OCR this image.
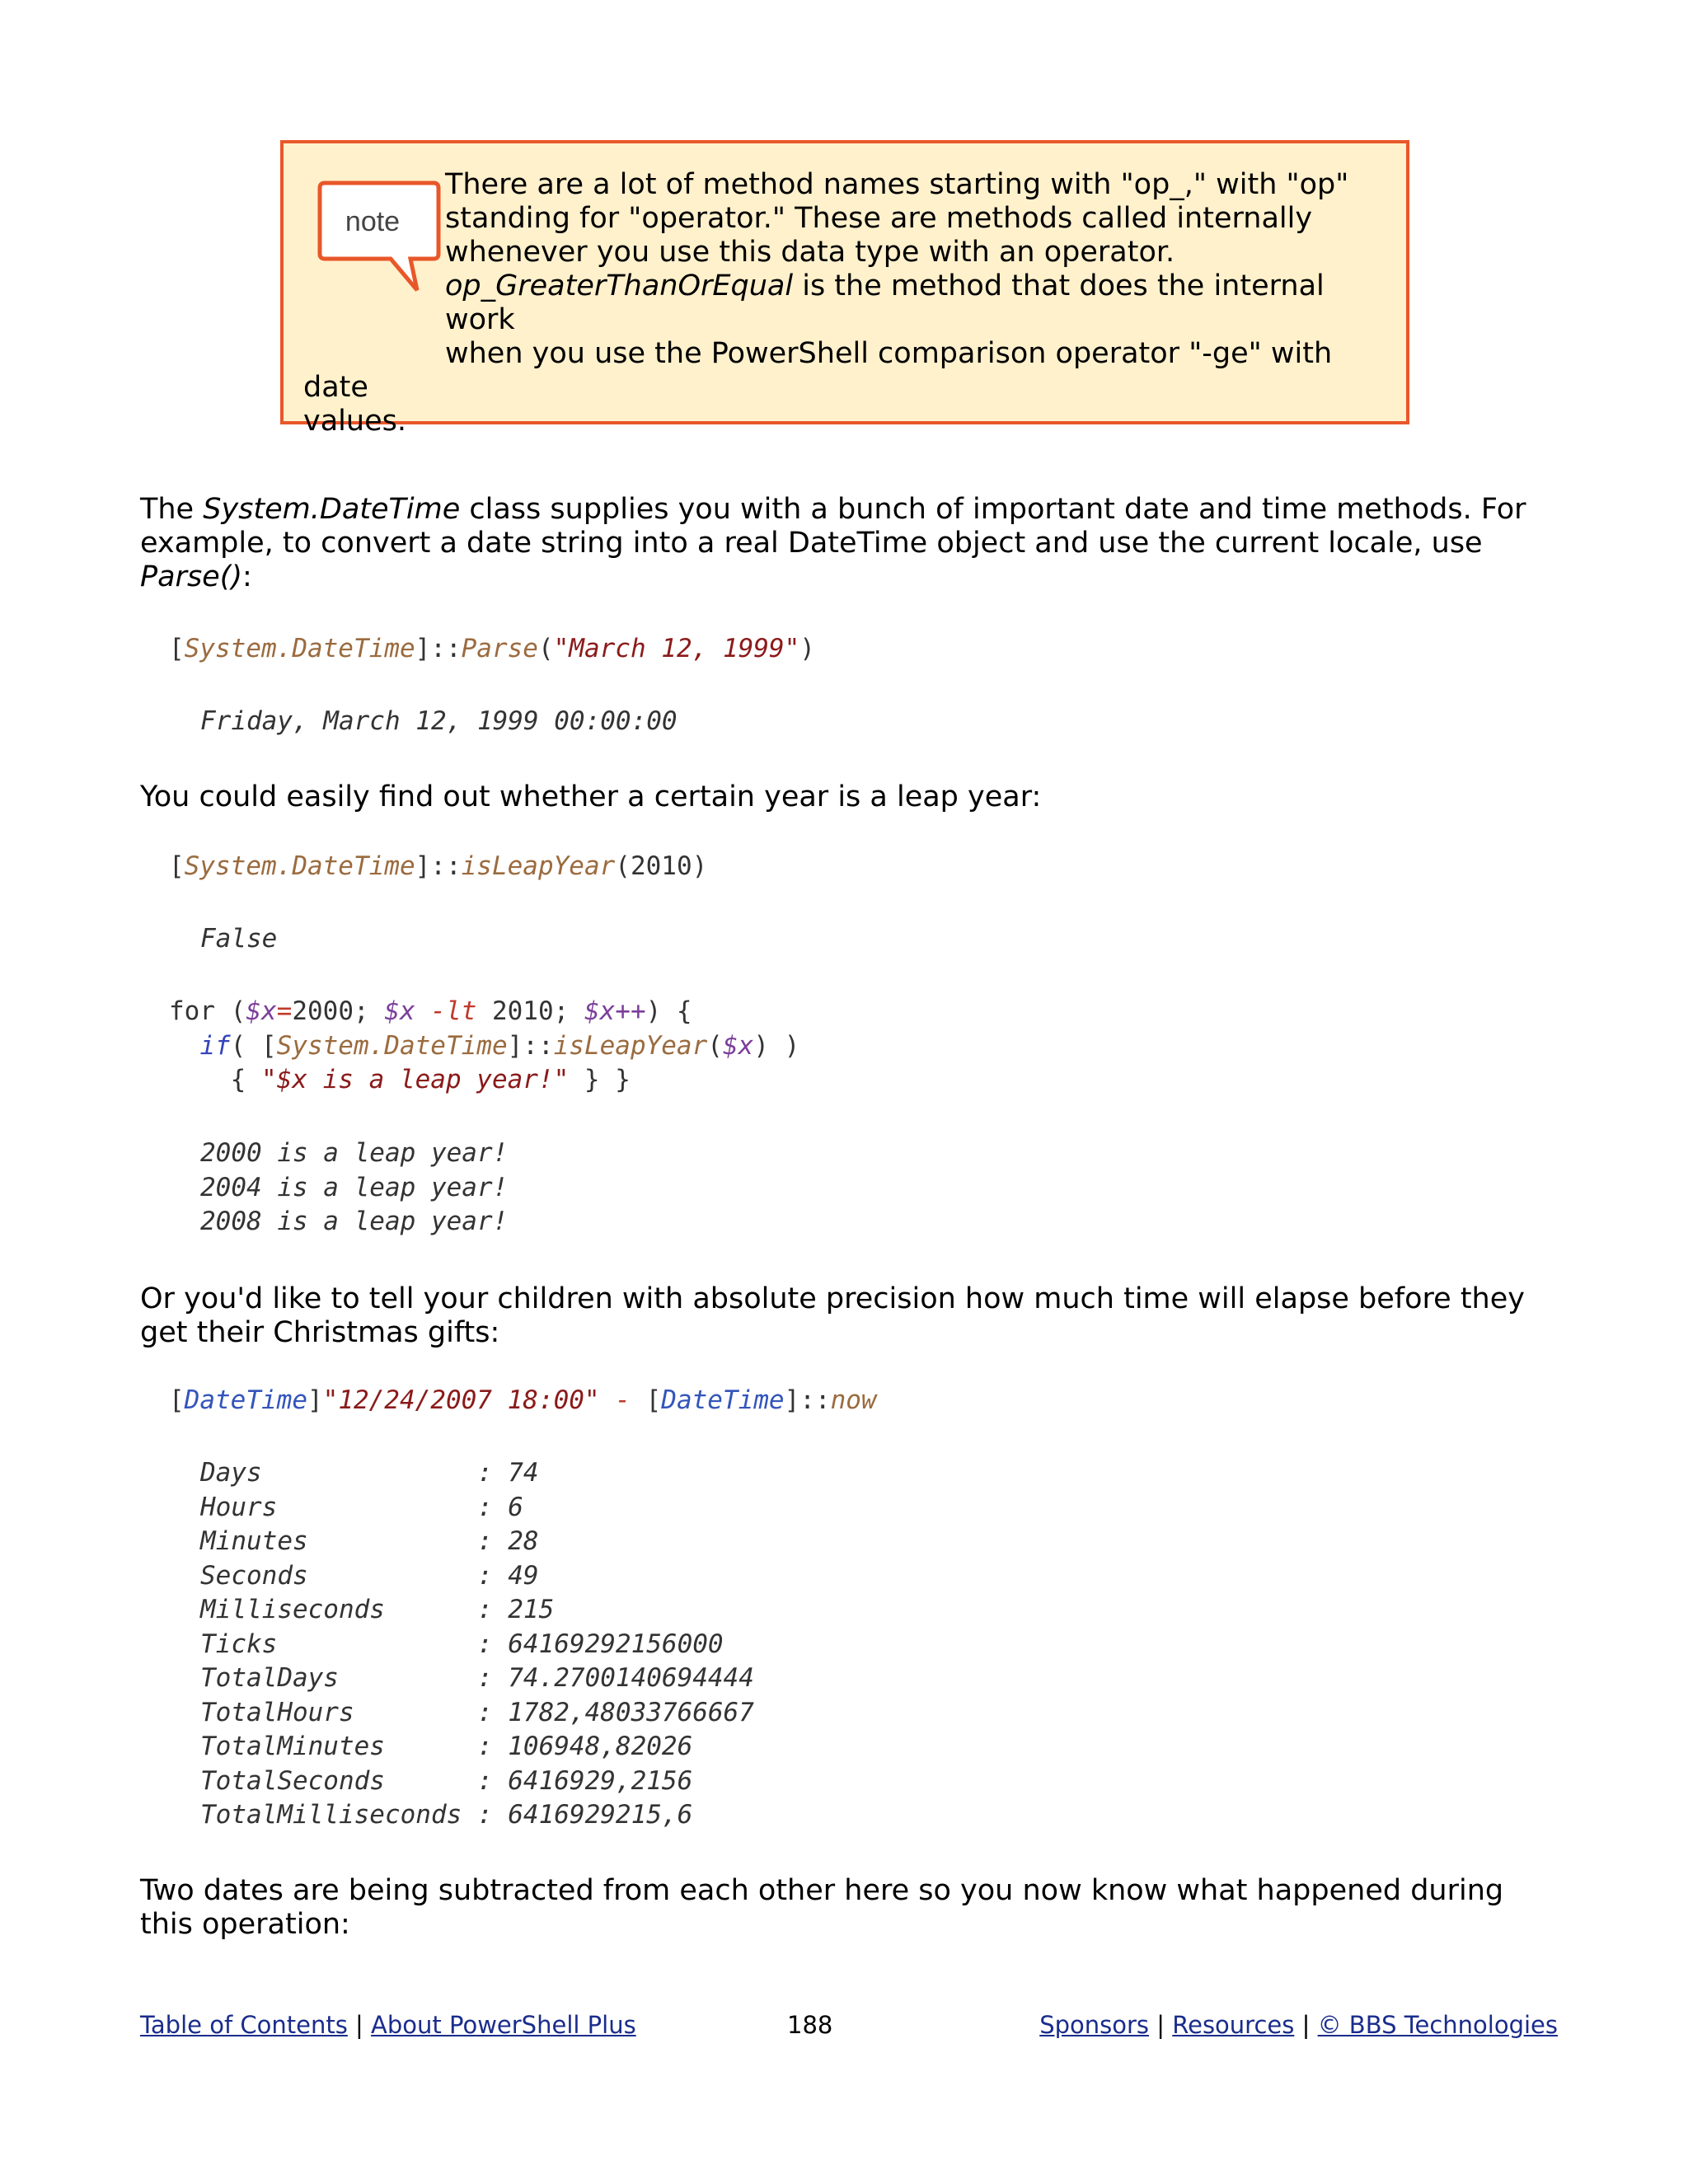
note
There are a lot of method names starting with "op_," with "op"
standing for "operator." These are methods called internally
whenever you use this data type with an operator.
op_GreaterThanOrEqual is the method that does the internal work
when you use the PowerShell comparison operator "-ge" with date
values.

The System.DateTime class supplies you with a bunch of important date and time methods. For example, to convert a date string into a real DateTime object and use the current locale, use Parse():

[System.DateTime]::Parse("March 12, 1999")
Friday, March 12, 1999 00:00:00

You could easily find out whether a certain year is a leap year:

[System.DateTime]::isLeapYear(2010)
False
for ($x=2000; $x -lt 2010; $x++) {
if( [System.DateTime]::isLeapYear($x) )
{ "$x is a leap year!" } }
2000 is a leap year!
2004 is a leap year!
2008 is a leap year!

Or you'd like to tell your children with absolute precision how much time will elapse before they get their Christmas gifts:

[DateTime]"12/24/2007 18:00" - [DateTime]::now
Days              : 74
Hours             : 6
Minutes           : 28
Seconds           : 49
Milliseconds      : 215
Ticks             : 64169292156000
TotalDays         : 74.2700140694444
TotalHours        : 1782,48033766667
TotalMinutes      : 106948,82026
TotalSeconds      : 6416929,2156
TotalMilliseconds : 6416929215,6

Two dates are being subtracted from each other here so you now know what happened during this operation:

Table of Contents | About PowerShell Plus	188	Sponsors | Resources | © BBS Technologies
